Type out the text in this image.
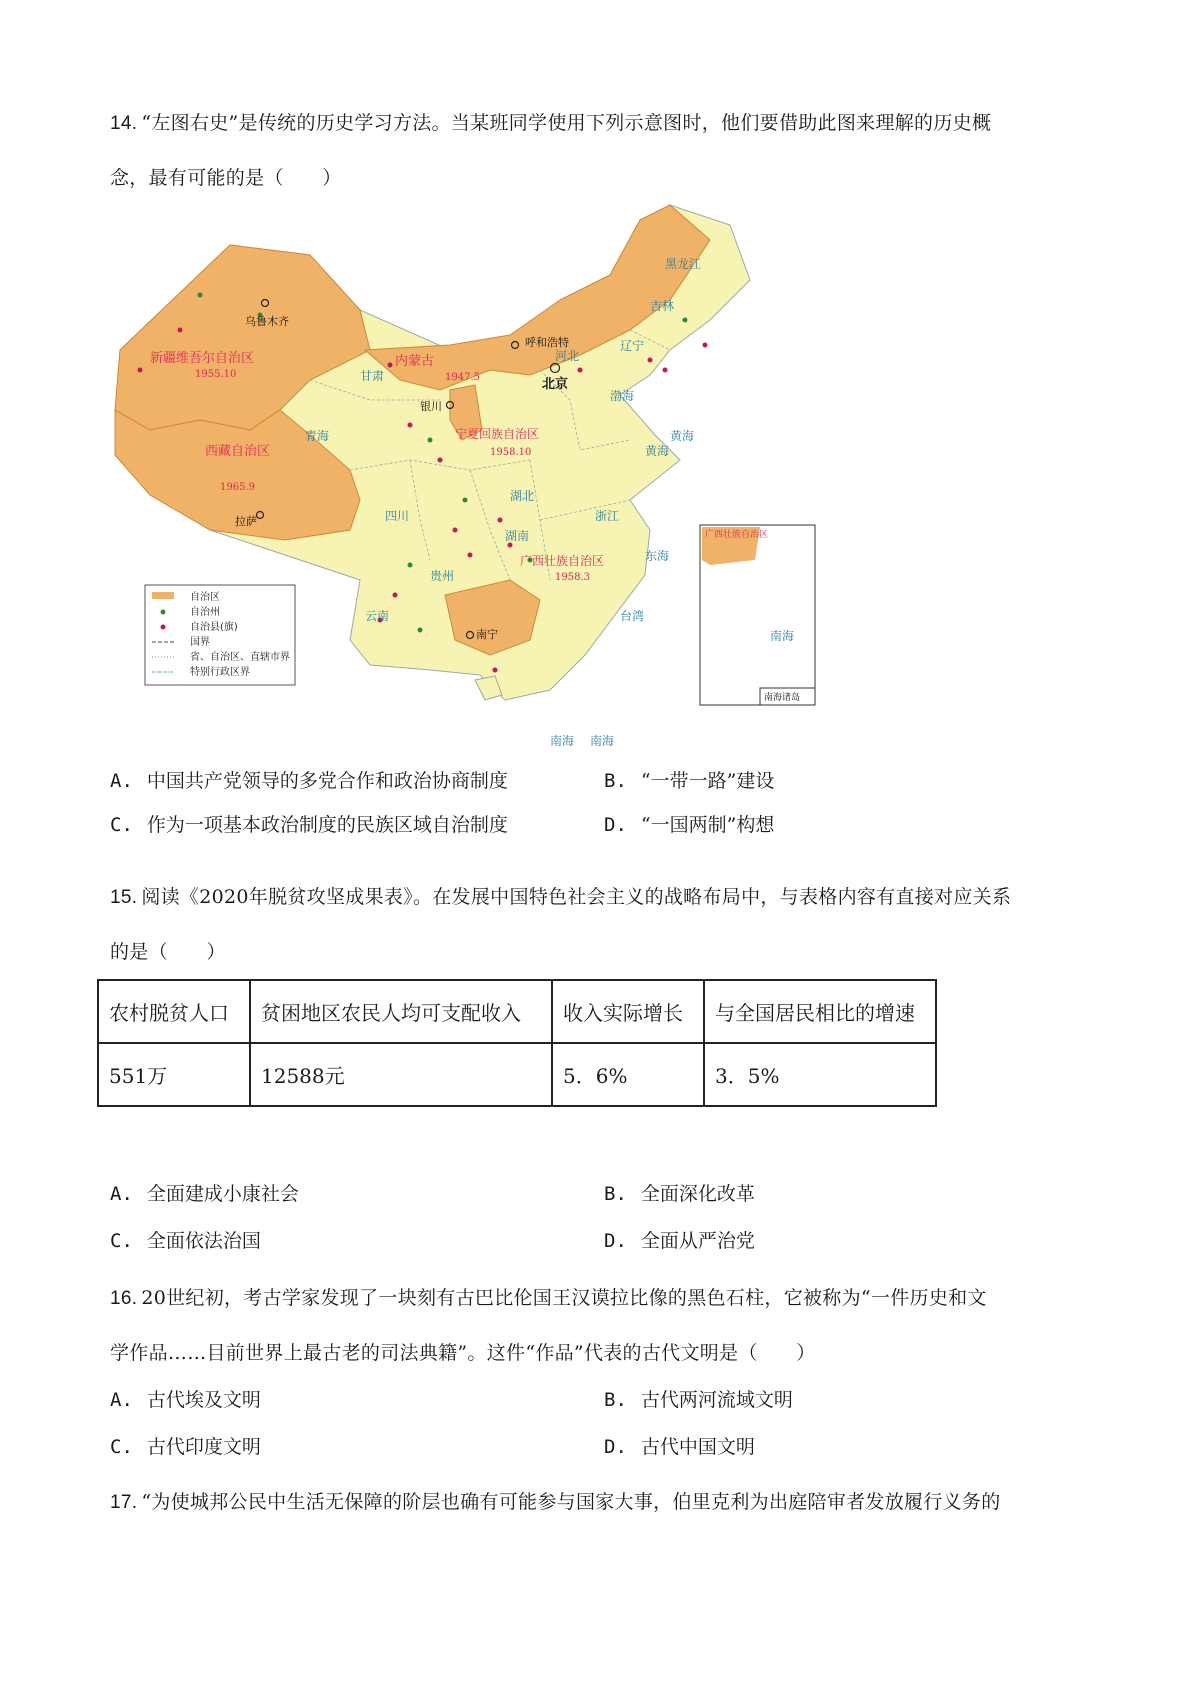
14. “左图右史”是传统的历史学习方法。当某班同学使用下列示意图时，他们要借助此图来理解的历史概
念，最有可能的是（　　）
新疆维吾尔自治区
1955.10
西藏自治区
1965.9
内蒙古
1947.5
宁夏回族自治区
1958.10
广西壮族自治区
1958.3
黑龙江
吉林
辽宁
甘肃
青海
四川
云南
贵州
湖南
湖北
浙江
河北
渤海
黄海
东海
南海
黄海
台湾
南海
乌鲁木齐
呼和浩特
北京
银川
拉萨
南宁
自治区
自治州
自治县(旗)
国界
省、自治区、直辖市界
特别行政区界
广西壮族自治区
南海
南海诸岛
A. 中国共产党领导的多党合作和政治协商制度	B. “一带一路”建设
C. 作为一项基本政治制度的民族区域自治制度	D. “一国两制”构想
15. 阅读《2020年脱贫攻坚成果表》。在发展中国特色社会主义的战略布局中，与表格内容有直接对应关系
的是（　　）
农村脱贫人口	贫困地区农民人均可支配收入	收入实际增长	与全国居民相比的增速
551万	12588元	5．6%	3．5%
A. 全面建成小康社会	B. 全面深化改革
C. 全面依法治国	D. 全面从严治党
16. 20世纪初，考古学家发现了一块刻有古巴比伦国王汉谟拉比像的黑色石柱，它被称为“一件历史和文
学作品……目前世界上最古老的司法典籍”。这件“作品”代表的古代文明是（　　）
A. 古代埃及文明	B. 古代两河流域文明
C. 古代印度文明	D. 古代中国文明
17. “为使城邦公民中生活无保障的阶层也确有可能参与国家大事，伯里克利为出庭陪审者发放履行义务的
